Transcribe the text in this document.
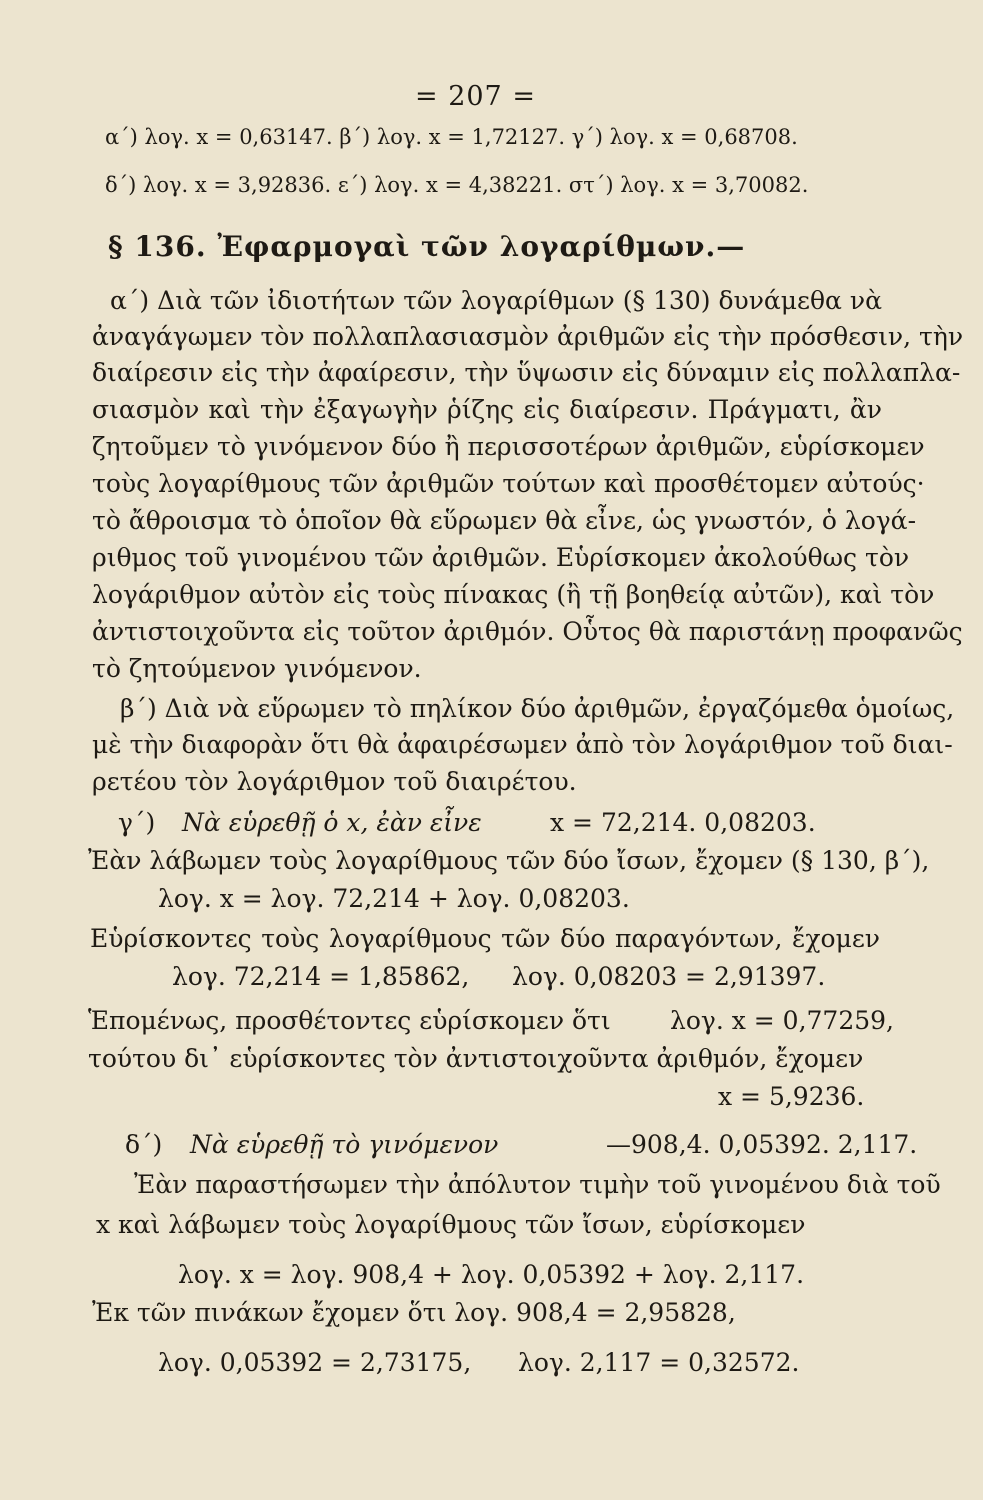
= 207 =
α΄) λογ. x = 0,63147. β΄) λογ. x = 1,72127. γ΄) λογ. x = 0,68708.
δ΄) λογ. x = 3,92836. ε΄) λογ. x = 4,38221. στ΄) λογ. x = 3,70082.
§ 136. Ἐφαρμογαὶ τῶν λογαρίθμων.—
α΄) Διὰ τῶν ἰδιοτήτων τῶν λογαρίθμων (§ 130) δυνάμεθα νὰ
ἀναγάγωμεν τὸν πολλαπλασιασμὸν ἀριθμῶν εἰς τὴν πρόσθεσιν, τὴν
διαίρεσιν εἰς τὴν ἀφαίρεσιν, τὴν ὕψωσιν εἰς δύναμιν εἰς πολλαπλα-
σιασμὸν καὶ τὴν ἐξαγωγὴν ῥίζης εἰς διαίρεσιν. Πράγματι, ἂν
ζητοῦμεν τὸ γινόμενον δύο ἢ περισσοτέρων ἀριθμῶν, εὑρίσκομεν
τοὺς λογαρίθμους τῶν ἀριθμῶν τούτων καὶ προσθέτομεν αὐτούς·
τὸ ἄθροισμα τὸ ὁποῖον θὰ εὕρωμεν θὰ εἶνε, ὡς γνωστόν, ὁ λογά-
ριθμος τοῦ γινομένου τῶν ἀριθμῶν. Εὑρίσκομεν ἀκολούθως τὸν
λογάριθμον αὐτὸν εἰς τοὺς πίνακας (ἢ τῇ βοηθείᾳ αὐτῶν), καὶ τὸν
ἀντιστοιχοῦντα εἰς τοῦτον ἀριθμόν. Οὗτος θὰ παριστάνῃ προφανῶς
τὸ ζητούμενον γινόμενον.
β΄) Διὰ νὰ εὕρωμεν τὸ πηλίκον δύο ἀριθμῶν, ἐργαζόμεθα ὁμοίως,
μὲ τὴν διαφορὰν ὅτι θὰ ἀφαιρέσωμεν ἀπὸ τὸν λογάριθμον τοῦ διαι-
ρετέου τὸν λογάριθμον τοῦ διαιρέτου.
γ΄) Νὰ εὑρεθῇ ὁ x, ἐὰν εἶνε	x = 72,214. 0,08203.
Ἐὰν λάβωμεν τοὺς λογαρίθμους τῶν δύο ἴσων, ἔχομεν (§ 130, β΄),
λογ. x = λογ. 72,214 + λογ. 0,08203.
Εὑρίσκοντες τοὺς λογαρίθμους τῶν δύο παραγόντων, ἔχομεν
λογ. 72,214 = 1,85862, λογ. 0,08203 = 2,91397.
Ἑπομένως, προσθέτοντες εὑρίσκομεν ὅτι λογ. x = 0,77259,
τούτου δι᾿ εὑρίσκοντες τὸν ἀντιστοιχοῦντα ἀριθμόν, ἔχομεν
x = 5,9236.
δ΄) Νὰ εὑρεθῇ τὸ γινόμενον	—908,4. 0,05392. 2,117.
Ἐὰν παραστήσωμεν τὴν ἀπόλυτον τιμὴν τοῦ γινομένου διὰ τοῦ
x καὶ λάβωμεν τοὺς λογαρίθμους τῶν ἴσων, εὑρίσκομεν
λογ. x = λογ. 908,4 + λογ. 0,05392 + λογ. 2,117.
Ἐκ τῶν πινάκων ἔχομεν ὅτι λογ. 908,4 = 2,95828,
λογ. 0,05392 = 2,73175, λογ. 2,117 = 0,32572.
